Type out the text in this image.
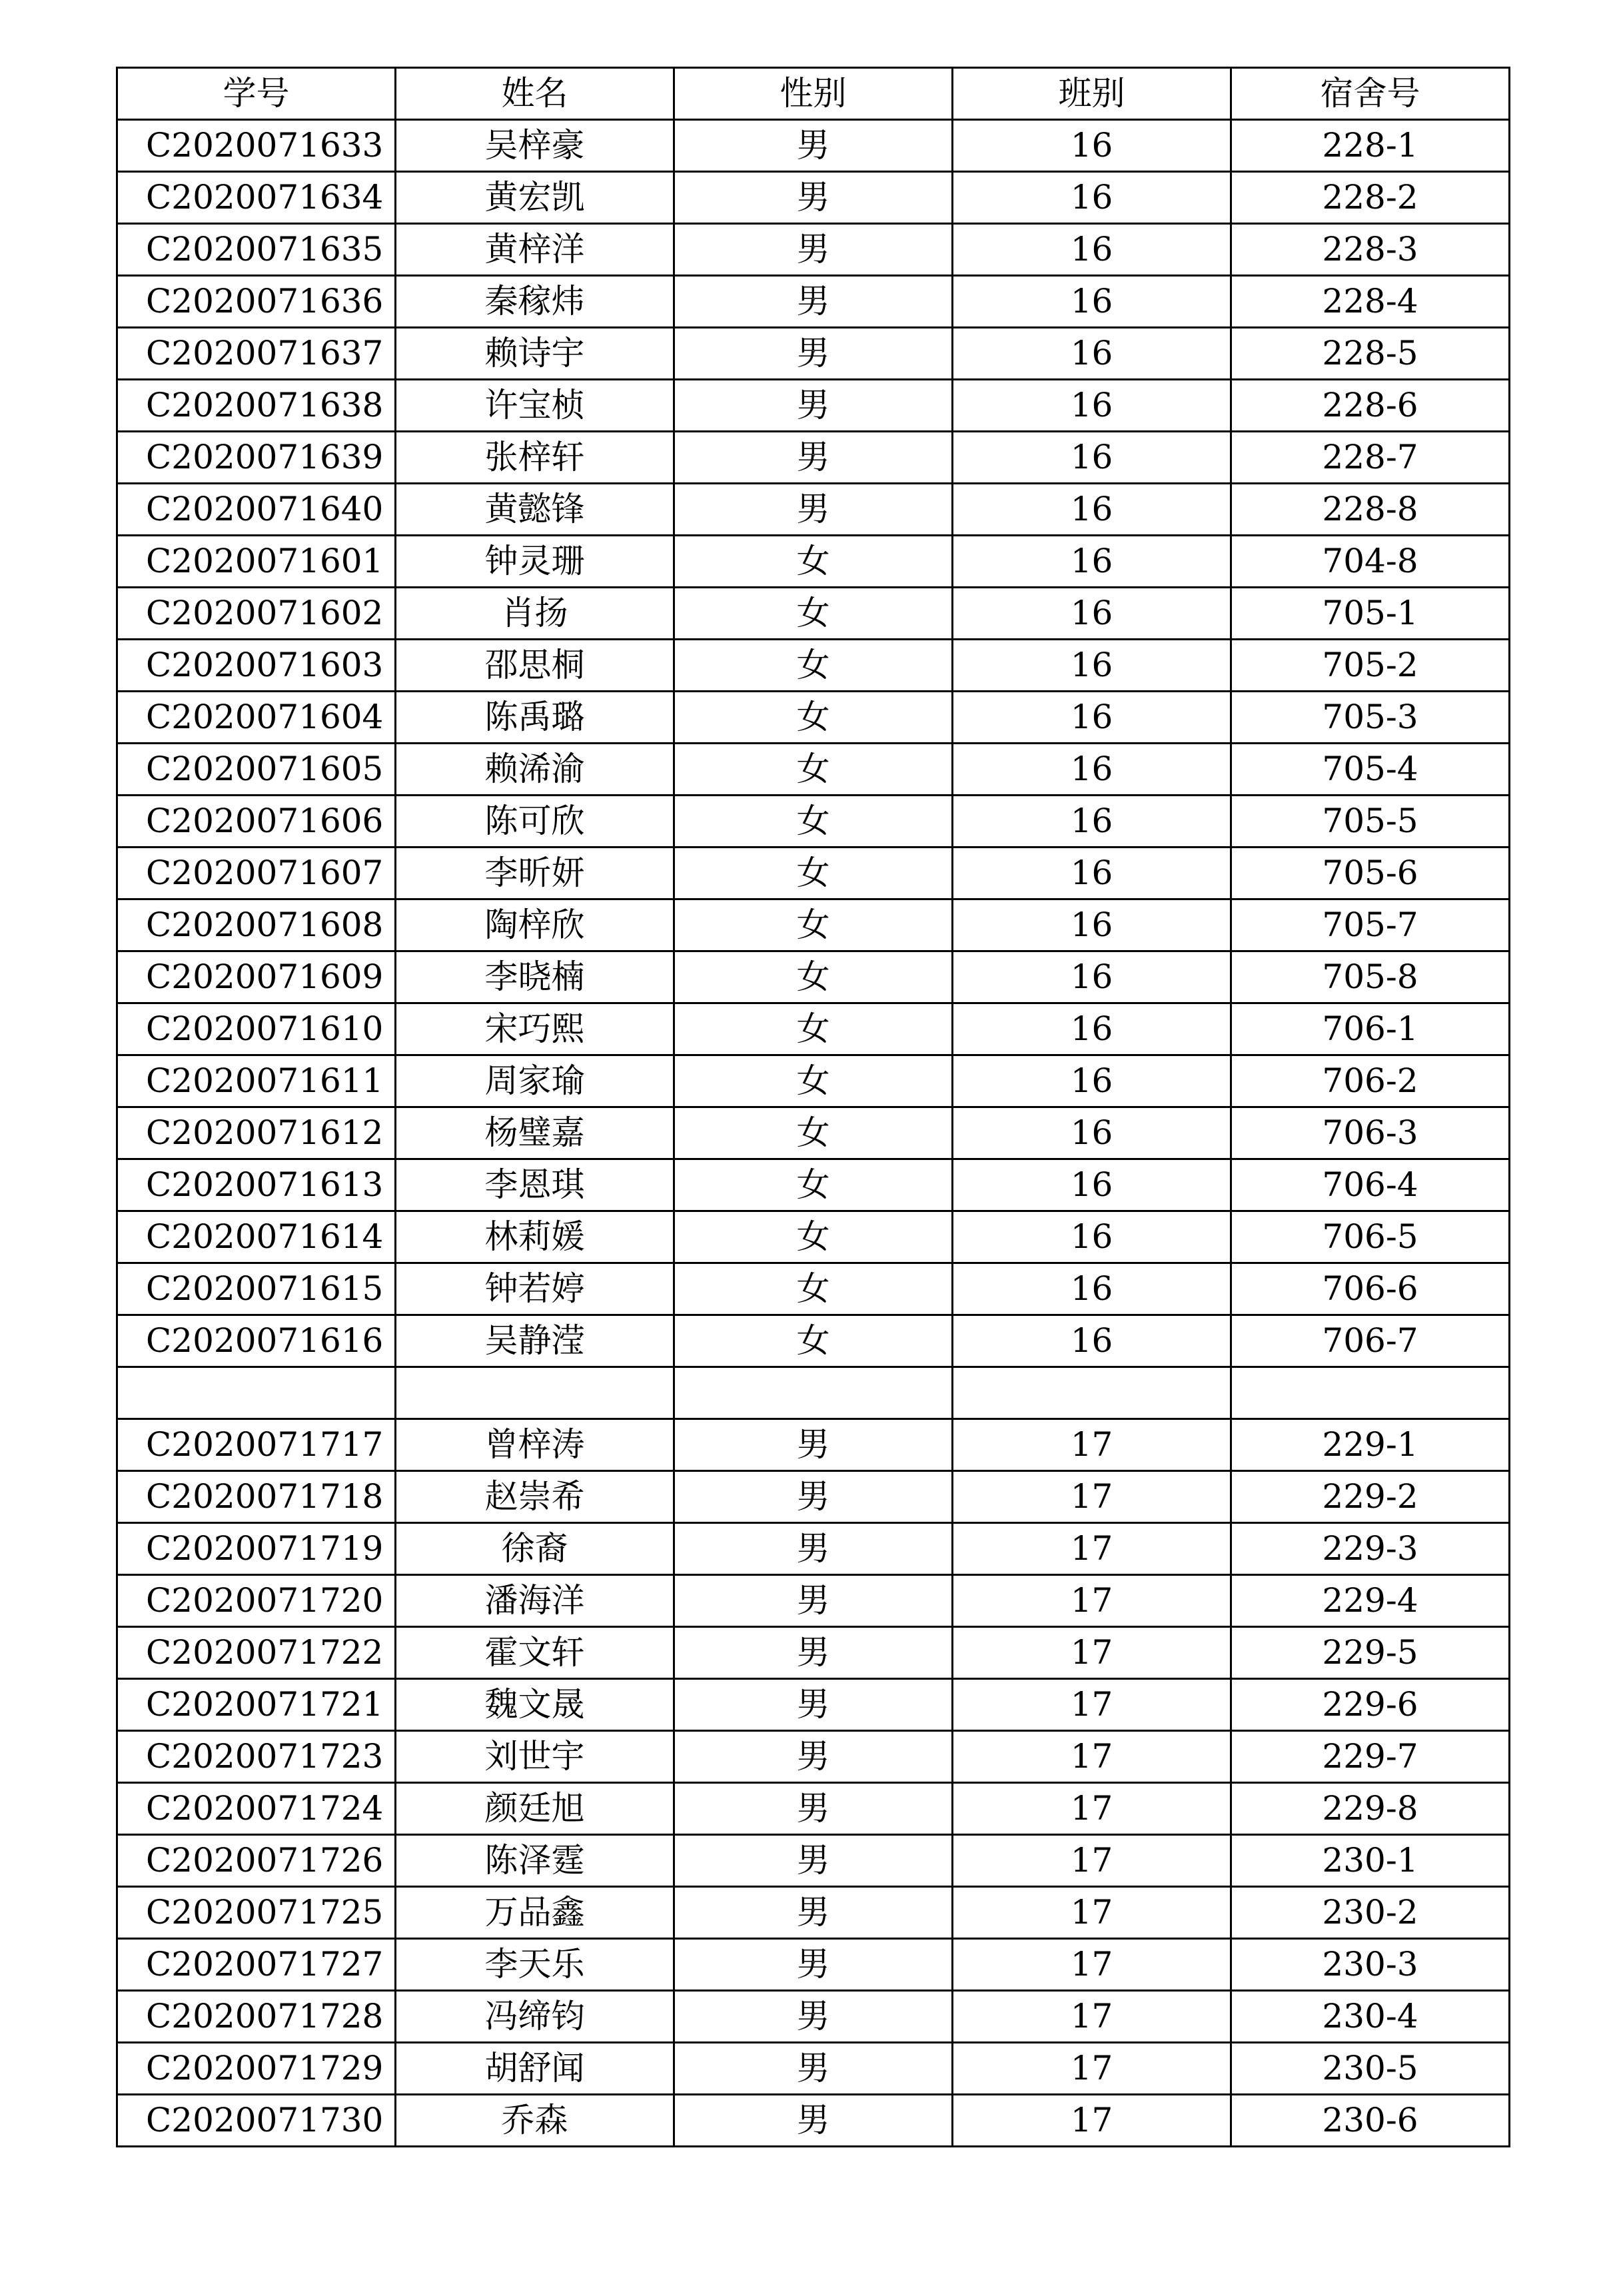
学号	姓名	性别	班别	宿舍号
C2020071633	吴梓豪	男	16	228-1
C2020071634	黄宏凯	男	16	228-2
C2020071635	黄梓洋	男	16	228-3
C2020071636	秦稼炜	男	16	228-4
C2020071637	赖诗宇	男	16	228-5
C2020071638	许宝桢	男	16	228-6
C2020071639	张梓轩	男	16	228-7
C2020071640	黄懿锋	男	16	228-8
C2020071601	钟灵珊	女	16	704-8
C2020071602	肖扬	女	16	705-1
C2020071603	邵思桐	女	16	705-2
C2020071604	陈禹璐	女	16	705-3
C2020071605	赖浠渝	女	16	705-4
C2020071606	陈可欣	女	16	705-5
C2020071607	李昕妍	女	16	705-6
C2020071608	陶梓欣	女	16	705-7
C2020071609	李晓楠	女	16	705-8
C2020071610	宋巧熙	女	16	706-1
C2020071611	周家瑜	女	16	706-2
C2020071612	杨璧嘉	女	16	706-3
C2020071613	李恩琪	女	16	706-4
C2020071614	林莉媛	女	16	706-5
C2020071615	钟若婷	女	16	706-6
C2020071616	吴静滢	女	16	706-7

C2020071717	曾梓涛	男	17	229-1
C2020071718	赵崇希	男	17	229-2
C2020071719	徐裔	男	17	229-3
C2020071720	潘海洋	男	17	229-4
C2020071722	霍文轩	男	17	229-5
C2020071721	魏文晟	男	17	229-6
C2020071723	刘世宇	男	17	229-7
C2020071724	颜廷旭	男	17	229-8
C2020071726	陈泽霆	男	17	230-1
C2020071725	万品鑫	男	17	230-2
C2020071727	李天乐	男	17	230-3
C2020071728	冯缔钧	男	17	230-4
C2020071729	胡舒闻	男	17	230-5
C2020071730	乔森	男	17	230-6
